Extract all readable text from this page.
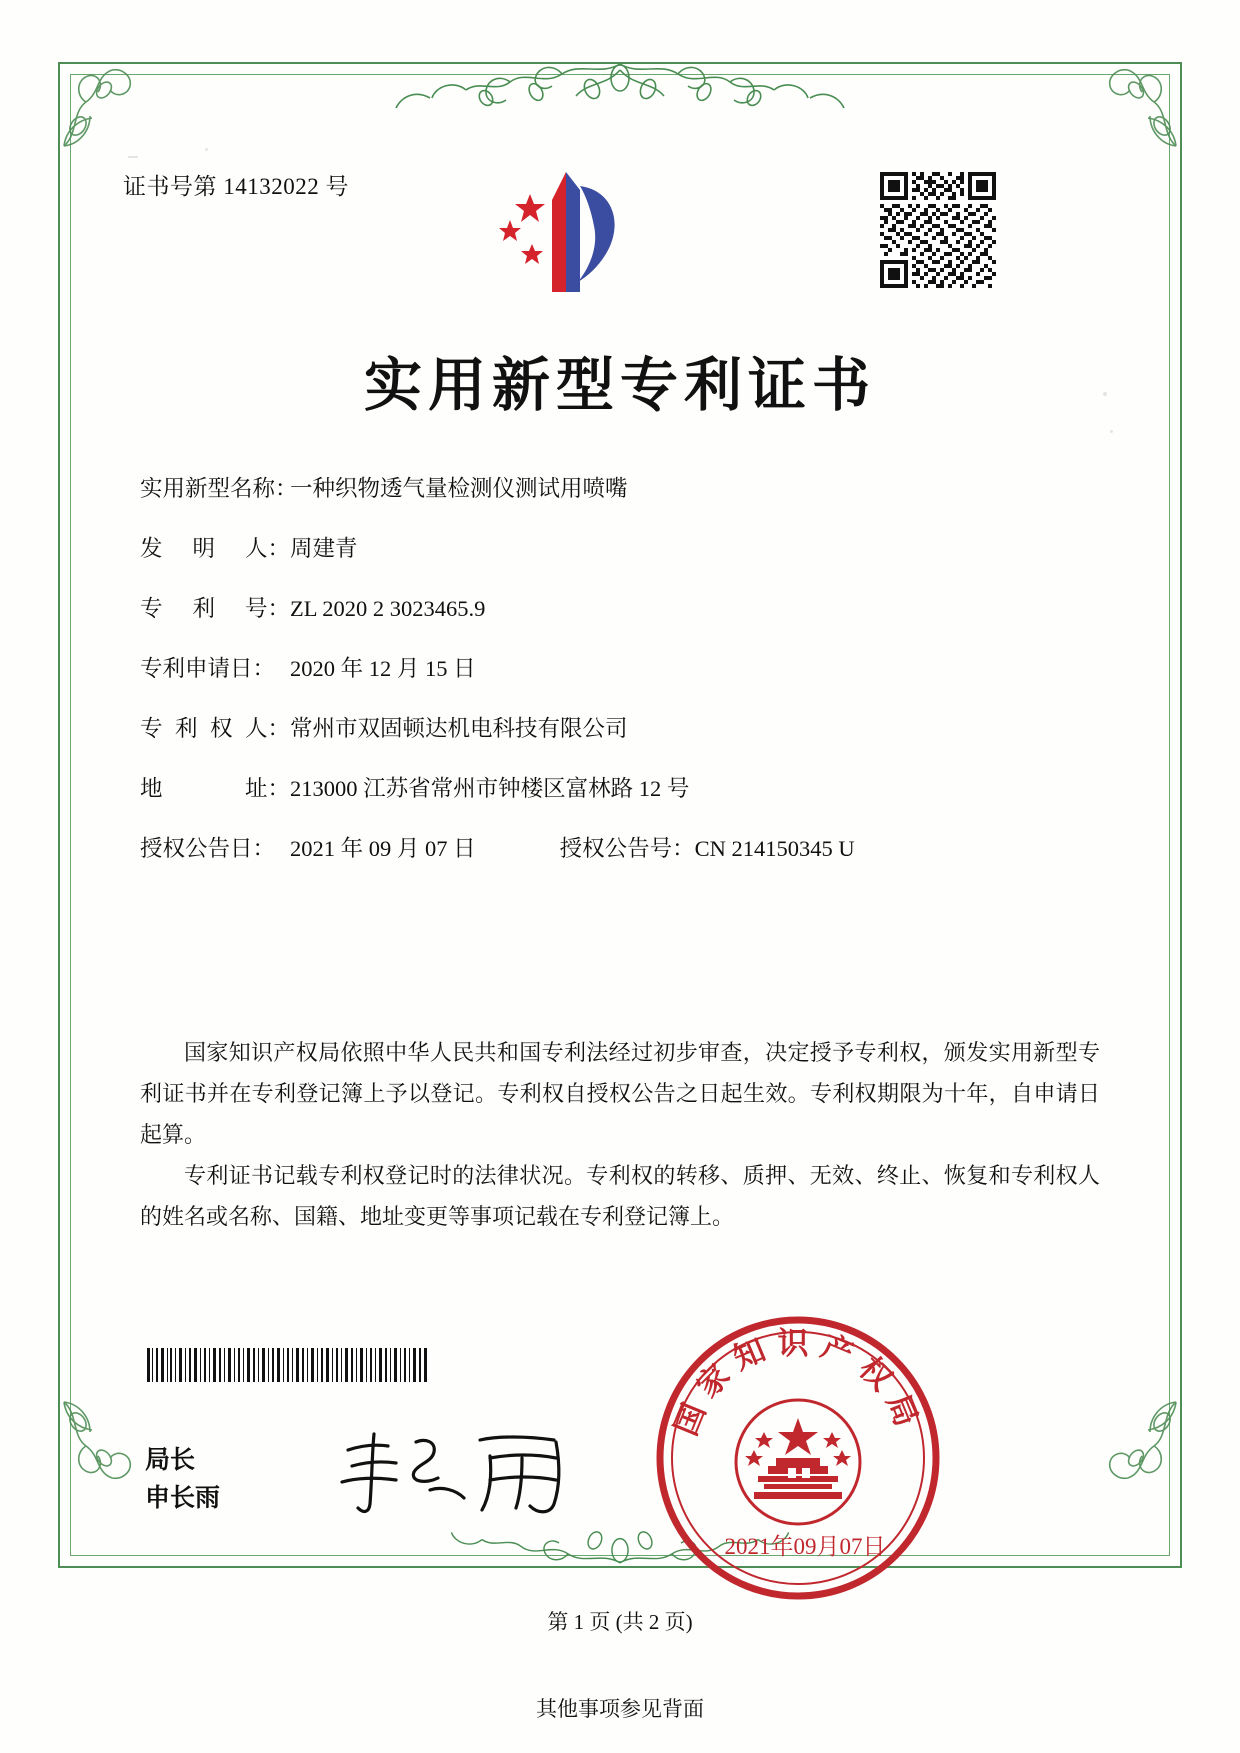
证书号第 14132022 号
实用新型专利证书
实用新型名称：
一种织物透气量检测仪测试用喷嘴
发 明 人： 周建青
专 利 号： ZL 2020 2 3023465.9
专利申请日： 2020 年 12 月 15 日
专 利 权 人： 常州市双固顿达机电科技有限公司
地	址： 213000 江苏省常州市钟楼区富林路 12 号
授权公告日： 2021 年 09 月 07 日	授权公告号： CN 214150345 U
国家知识产权局依照中华人民共和国专利法经过初步审查，决定授予专利权，颁发实用新型专利证书并在专利登记簿上予以登记。专利权自授权公告之日起生效。专利权期限为十年，自申请日起算。
专利证书记载专利权登记时的法律状况。专利权的转移、质押、无效、终止、恢复和专利权人的姓名或名称、国籍、地址变更等事项记载在专利登记簿上。
局长
申长雨
国家知识产权局
2021年09月07日
第 1 页 (共 2 页)
其他事项参见背面
